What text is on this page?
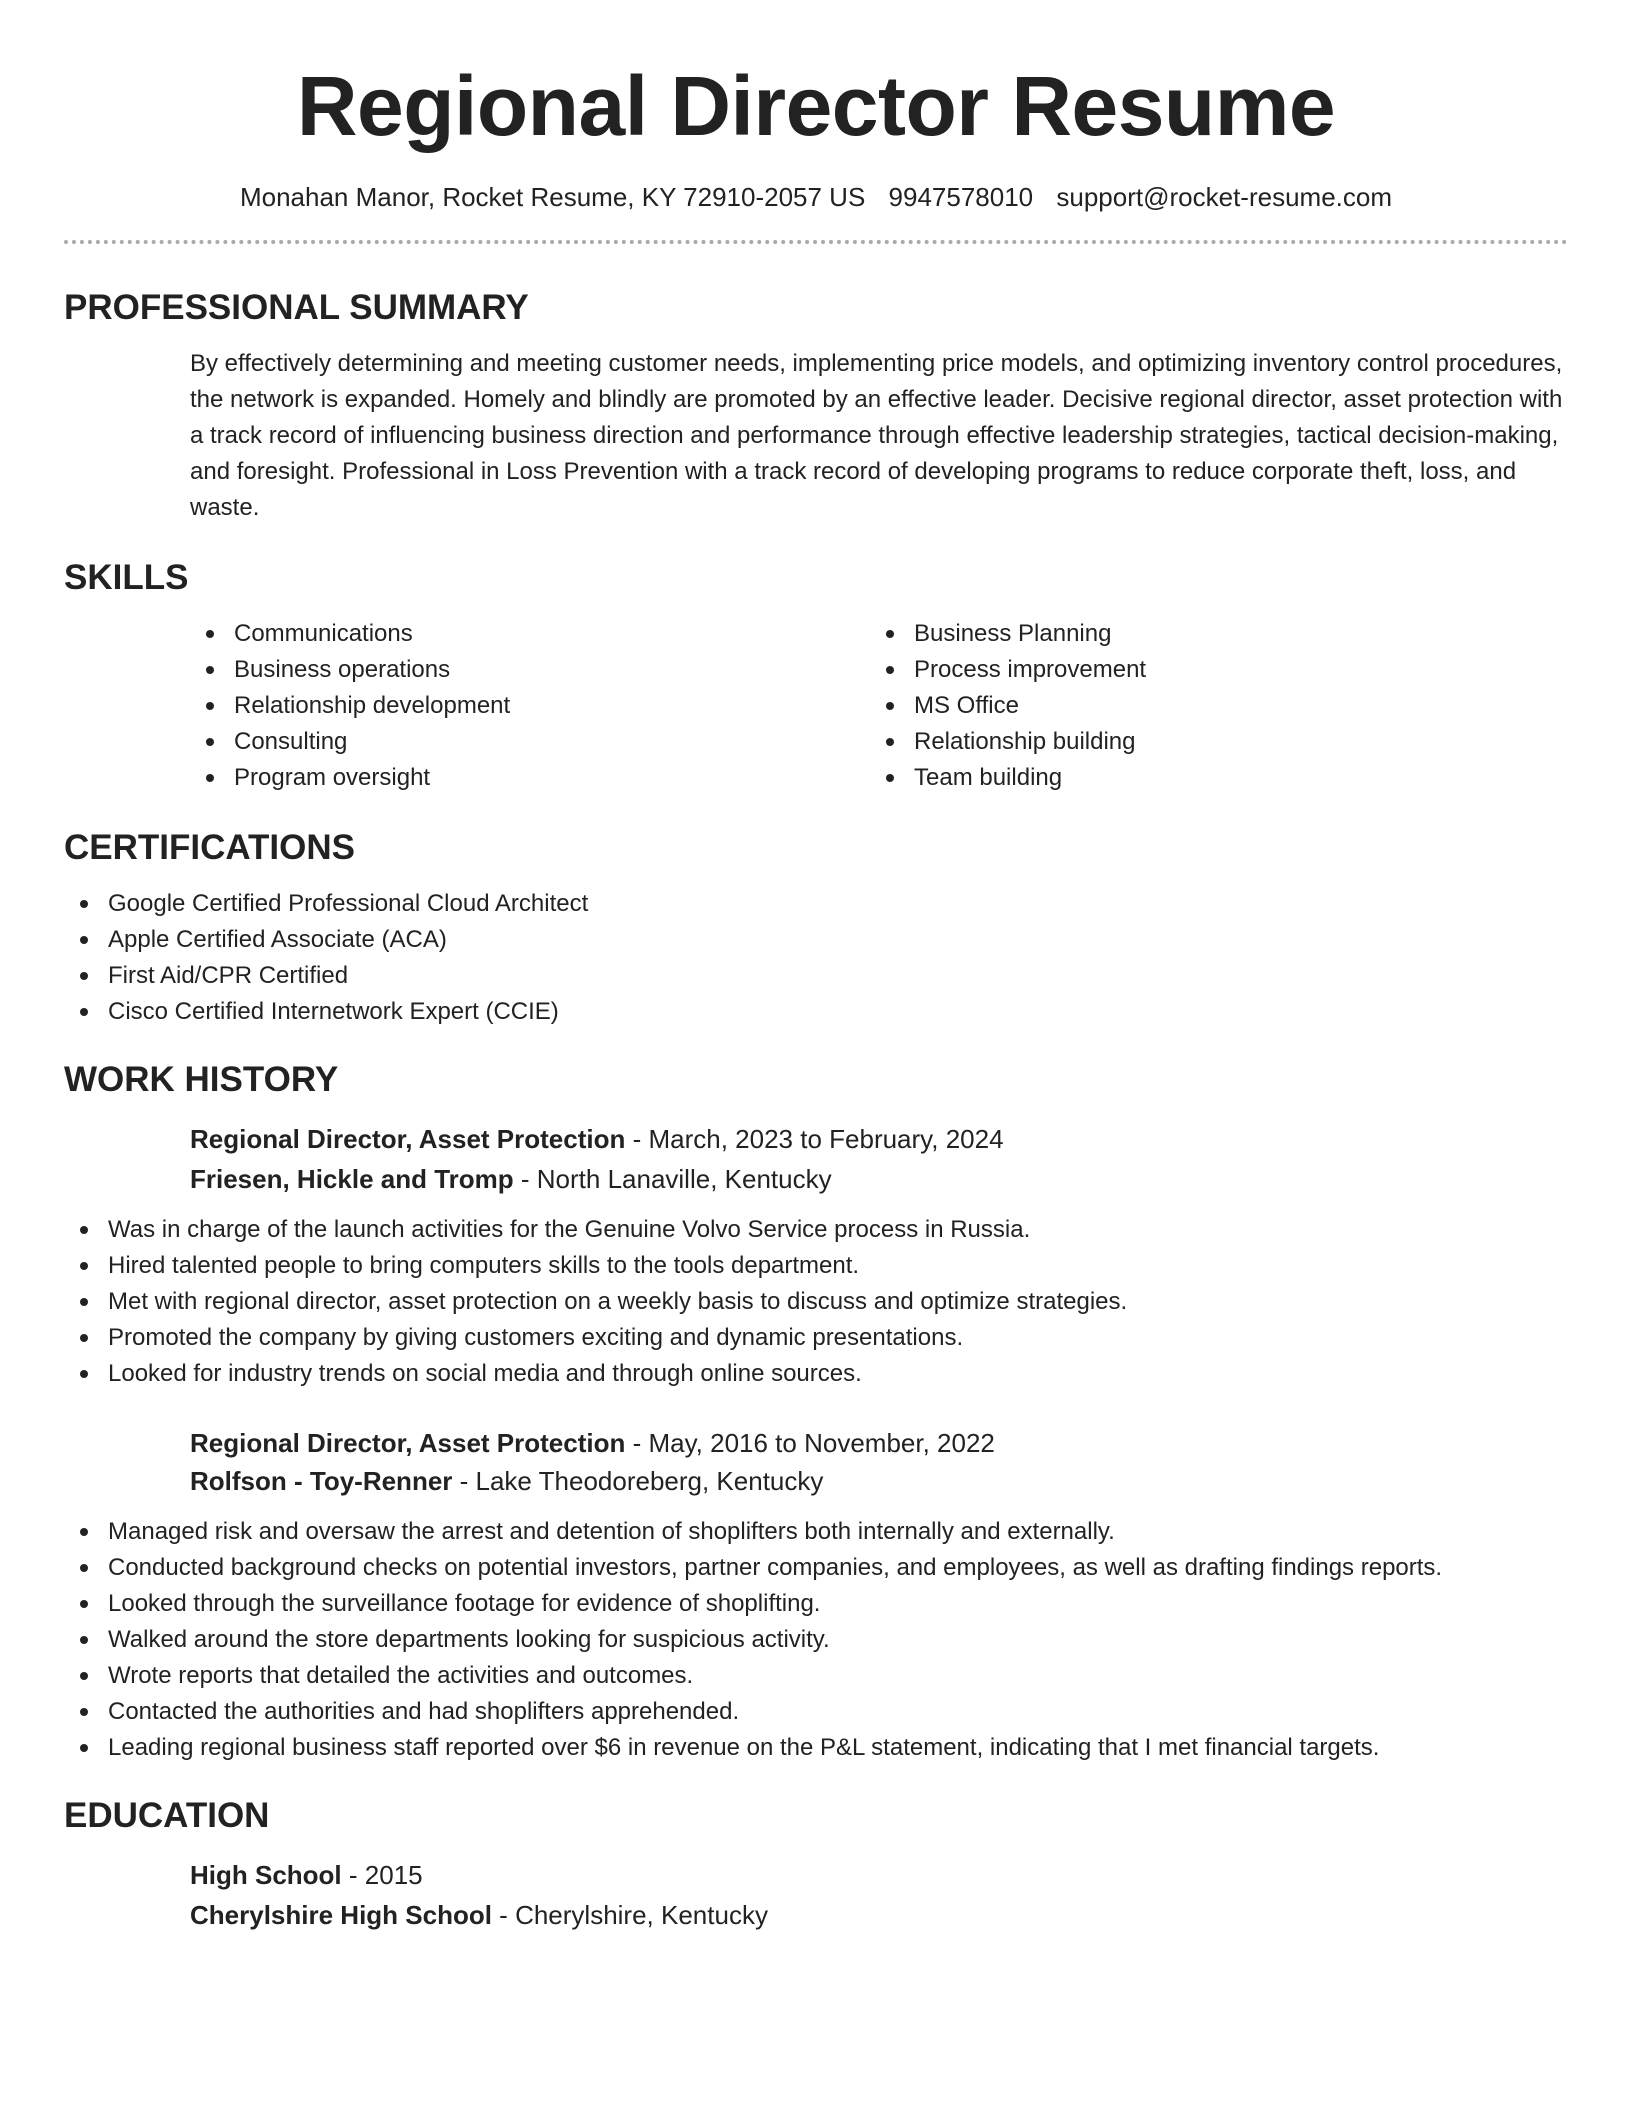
Regional Director Resume
Monahan Manor, Rocket Resume, KY 72910-2057 US 9947578010 support@rocket-resume.com
PROFESSIONAL SUMMARY
By effectively determining and meeting customer needs, implementing price models, and optimizing inventory control procedures, the network is expanded. Homely and blindly are promoted by an effective leader. Decisive regional director, asset protection with a track record of influencing business direction and performance through effective leadership strategies, tactical decision-making, and foresight. Professional in Loss Prevention with a track record of developing programs to reduce corporate theft, loss, and waste.
SKILLS
Communications
Business operations
Relationship development
Consulting
Program oversight
Business Planning
Process improvement
MS Office
Relationship building
Team building
CERTIFICATIONS
Google Certified Professional Cloud Architect
Apple Certified Associate (ACA)
First Aid/CPR Certified
Cisco Certified Internetwork Expert (CCIE)
WORK HISTORY
Regional Director, Asset Protection - March, 2023 to February, 2024
Friesen, Hickle and Tromp - North Lanaville, Kentucky
Was in charge of the launch activities for the Genuine Volvo Service process in Russia.
Hired talented people to bring computers skills to the tools department.
Met with regional director, asset protection on a weekly basis to discuss and optimize strategies.
Promoted the company by giving customers exciting and dynamic presentations.
Looked for industry trends on social media and through online sources.
Regional Director, Asset Protection - May, 2016 to November, 2022
Rolfson - Toy-Renner - Lake Theodoreberg, Kentucky
Managed risk and oversaw the arrest and detention of shoplifters both internally and externally.
Conducted background checks on potential investors, partner companies, and employees, as well as drafting findings reports.
Looked through the surveillance footage for evidence of shoplifting.
Walked around the store departments looking for suspicious activity.
Wrote reports that detailed the activities and outcomes.
Contacted the authorities and had shoplifters apprehended.
Leading regional business staff reported over $6 in revenue on the P&L statement, indicating that I met financial targets.
EDUCATION
High School - 2015
Cherylshire High School - Cherylshire, Kentucky
